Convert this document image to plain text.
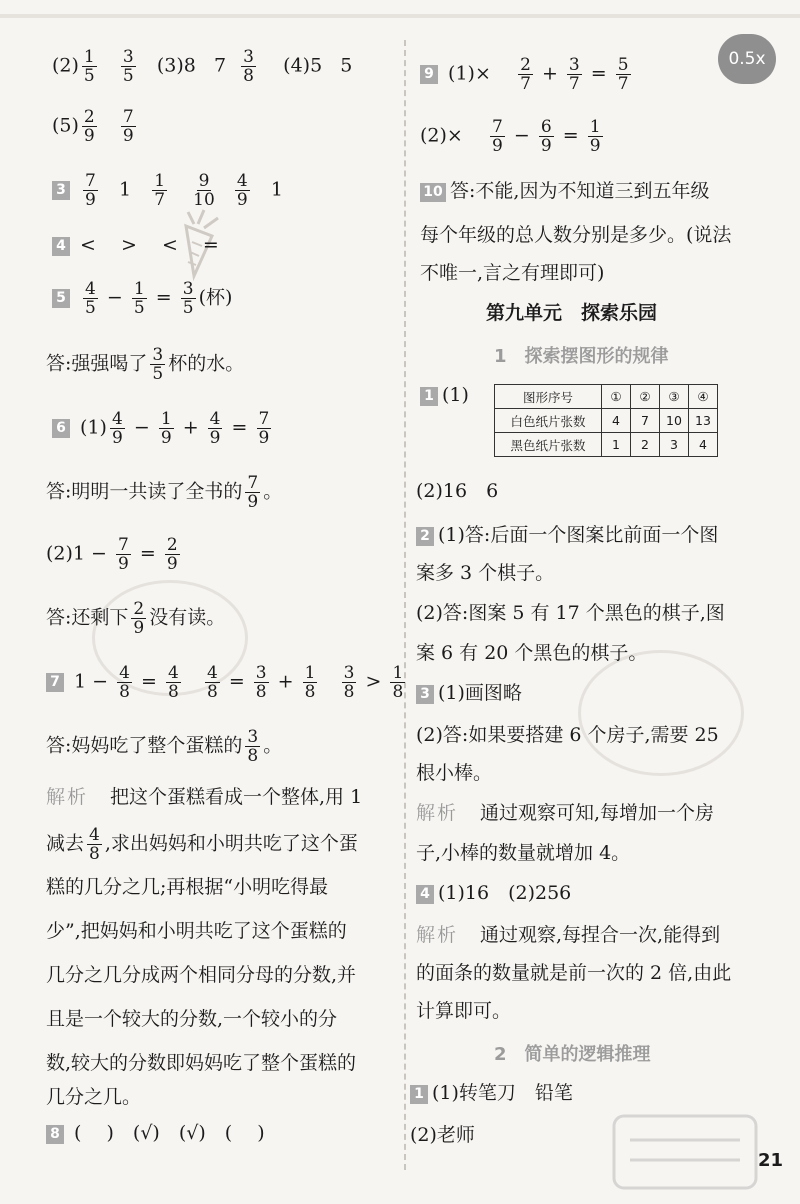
0.5x
$(2) \frac{1}{5}$
$\frac{3}{5} (3)8$ $7 \frac{3}{8} (4)5$ 5
$(5) \frac{2}{9}$
$\frac{7}{9}$
$3 \frac{7}{9} 1 \frac{1}{7}$
$\frac{9}{10}$
$\frac{4}{9} 1$
4 <　 >　 <　 =
$5 \frac{4}{5} - \frac{1}{5} = \frac{3}{5}$ (杯)
答:强强喝了 $\frac{3}{5}$ 杯的水。
6 $(1) \frac{4}{9} - \frac{1}{9} + \frac{4}{9} = \frac{7}{9}$
答:明明一共读了全书的 $\frac{7}{9}$ 。
$(2)1 - \frac{7}{9} = \frac{2}{9}$
答:还剩下 $\frac{2}{9}$ 没有读。
7 $1 - \frac{4}{8} = \frac{4}{8}$
$\frac{4}{8} = \frac{3}{8} + \frac{1}{8}$
$\frac{3}{8} > \frac{1}{8}$
答:妈妈吃了整个蛋糕的 $\frac{3}{8}$ 。
解析 把这个蛋糕看成一个整体,用 1
减去 $\frac{4}{8}$ ,求出妈妈和小明共吃了这个蛋
糕的几分之几;再根据“小明吃得最
少”,把妈妈和小明共吃了这个蛋糕的
几分之几分成两个相同分母的分数,并
且是一个较大的分数,一个较小的分
数,较大的分数即妈妈吃了整个蛋糕的
几分之几。
8 (　 )　(√)　(√)　(　 )
9 $(1)\times \frac{2}{7} + \frac{3}{7} = \frac{5}{7}$
$(2)\times \frac{7}{9} - \frac{6}{9} = \frac{1}{9}$
10 答:不能,因为不知道三到五年级
每个年级的总人数分别是多少。(说法
不唯一,言之有理即可)
第九单元　探索乐园
1　探索摆图形的规律
1 (1)	图形序号	①	②	③	④
白色纸片张数	4	7	10	13
黑色纸片张数	1	2	3	4
(2)16　6
2 (1)答:后面一个图案比前面一个图
案多 3 个棋子。
(2)答:图案 5 有 17 个黑色的棋子,图
案 6 有 20 个黑色的棋子。
3 (1)画图略
(2)答:如果要搭建 6 个房子,需要 25
根小棒。
解析 通过观察可知,每增加一个房
子,小棒的数量就增加 4。
4 (1)16　(2)256
解析 通过观察,每捏合一次,能得到
的面条的数量就是前一次的 2 倍,由此
计算即可。
2　简单的逻辑推理
1 (1)转笔刀　铅笔
(2)老师
21
